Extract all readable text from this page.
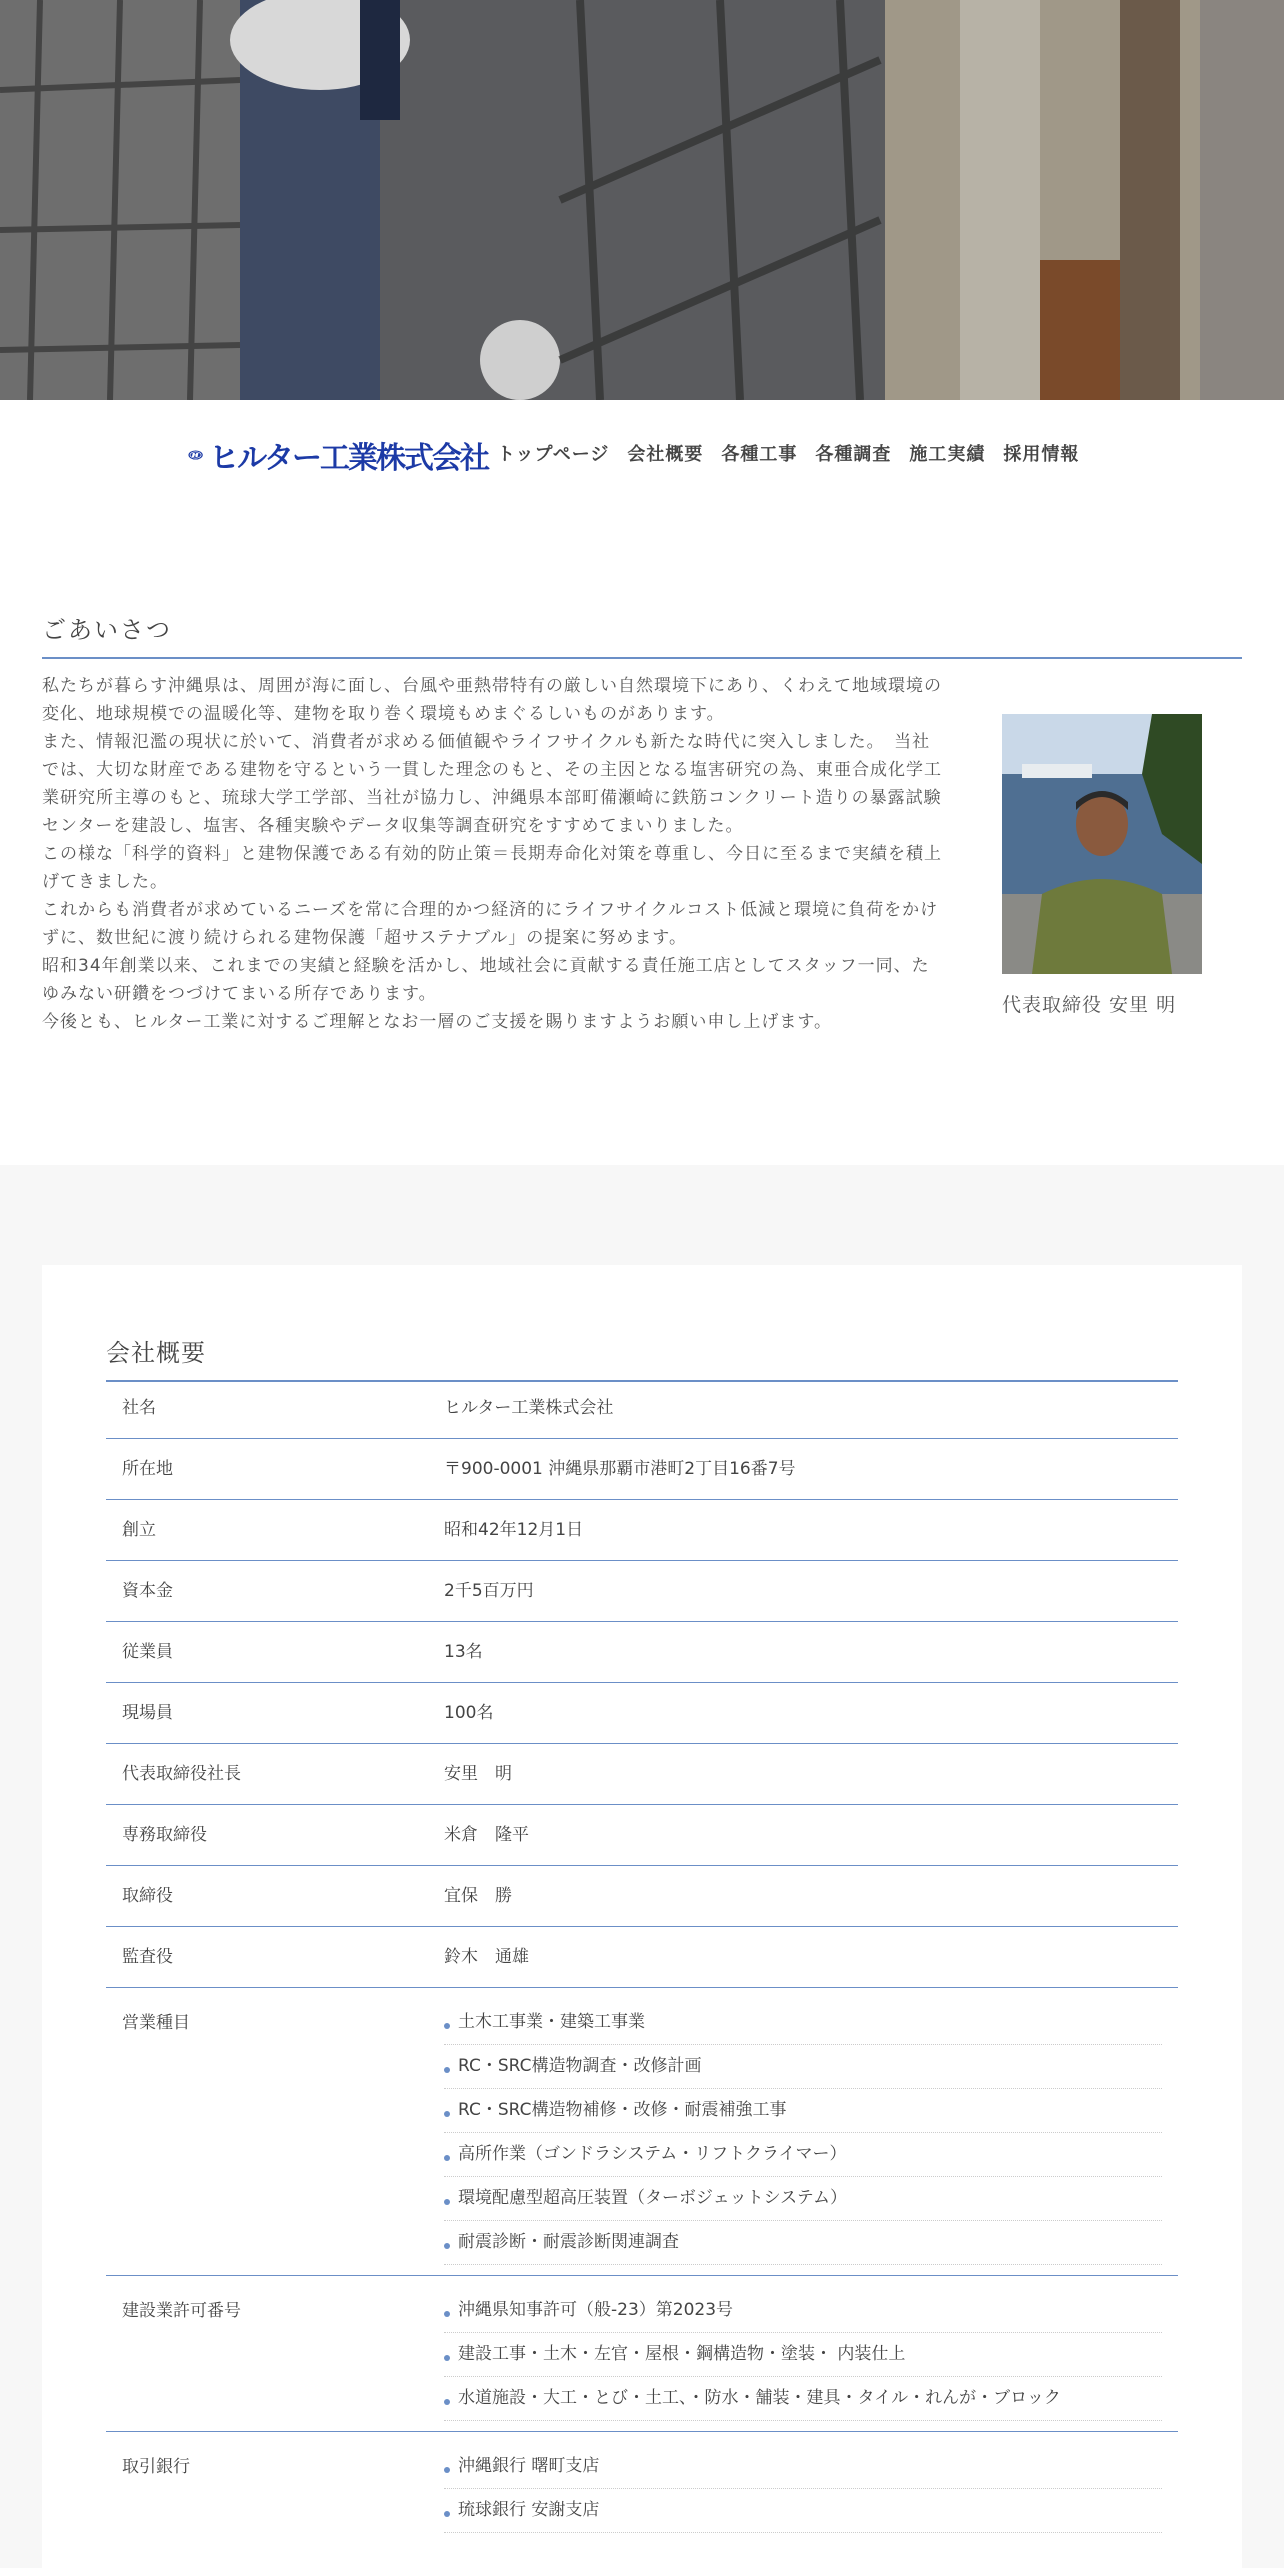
ヒルター工業株式会社 トップページ 会社概要 各種工事 各種調査 施工実績 採用情報
ごあいさつ

私たちが暮らす沖縄県は、周囲が海に面し、台風や亜熱帯特有の厳しい自然環境下にあり、くわえて地域環境の変化、地球規模での温暖化等、建物を取り巻く環境もめまぐるしいものがあります。

また、情報氾濫の現状に於いて、消費者が求める価値観やライフサイクルも新たな時代に突入しました。　当社では、大切な財産である建物を守るという一貫した理念のもと、その主因となる塩害研究の為、東亜合成化学工業研究所主導のもと、琉球大学工学部、当社が協力し、沖縄県本部町備瀬崎に鉄筋コンクリート造りの暴露試験センターを建設し、塩害、各種実験やデータ収集等調査研究をすすめてまいりました。

この様な「科学的資料」と建物保護である有効的防止策＝長期寿命化対策を尊重し、今日に至るまで実績を積上げてきました。

これからも消費者が求めているニーズを常に合理的かつ経済的にライフサイクルコスト低減と環境に負荷をかけずに、数世紀に渡り続けられる建物保護「超サステナブル」の提案に努めます。

昭和34年創業以来、これまでの実績と経験を活かし、地域社会に貢献する責任施工店としてスタッフ一同、たゆみない研鑽をつづけてまいる所存であります。

今後とも、ヒルター工業に対するご理解となお一層のご支援を賜りますようお願い申し上げます。

代表取締役 安里 明
会社概要
社名	ヒルター工業株式会社
所在地	〒900-0001 沖縄県那覇市港町2丁目16番7号
創立	昭和42年12月1日
資本金	2千5百万円
従業員	13名
現場員	100名
代表取締役社長	安里　明
専務取締役	米倉　隆平
取締役	宜保　勝
監査役	鈴木　通雄
営業種目	土木工事業・建築工事業
RC・SRC構造物調査・改修計画
RC・SRC構造物補修・改修・耐震補強工事
高所作業（ゴンドラシステム・リフトクライマー）
環境配慮型超高圧装置（ターボジェットシステム）
耐震診断・耐震診断関連調査
建設業許可番号	沖縄県知事許可（般-23）第2023号
建設工事・土木・左官・屋根・鋼構造物・塗装・ 内装仕上
水道施設・大工・とび・土工、・防水・舗装・建具・タイル・れんが・ブロック
取引銀行	沖縄銀行 曙町支店
琉球銀行 安謝支店
